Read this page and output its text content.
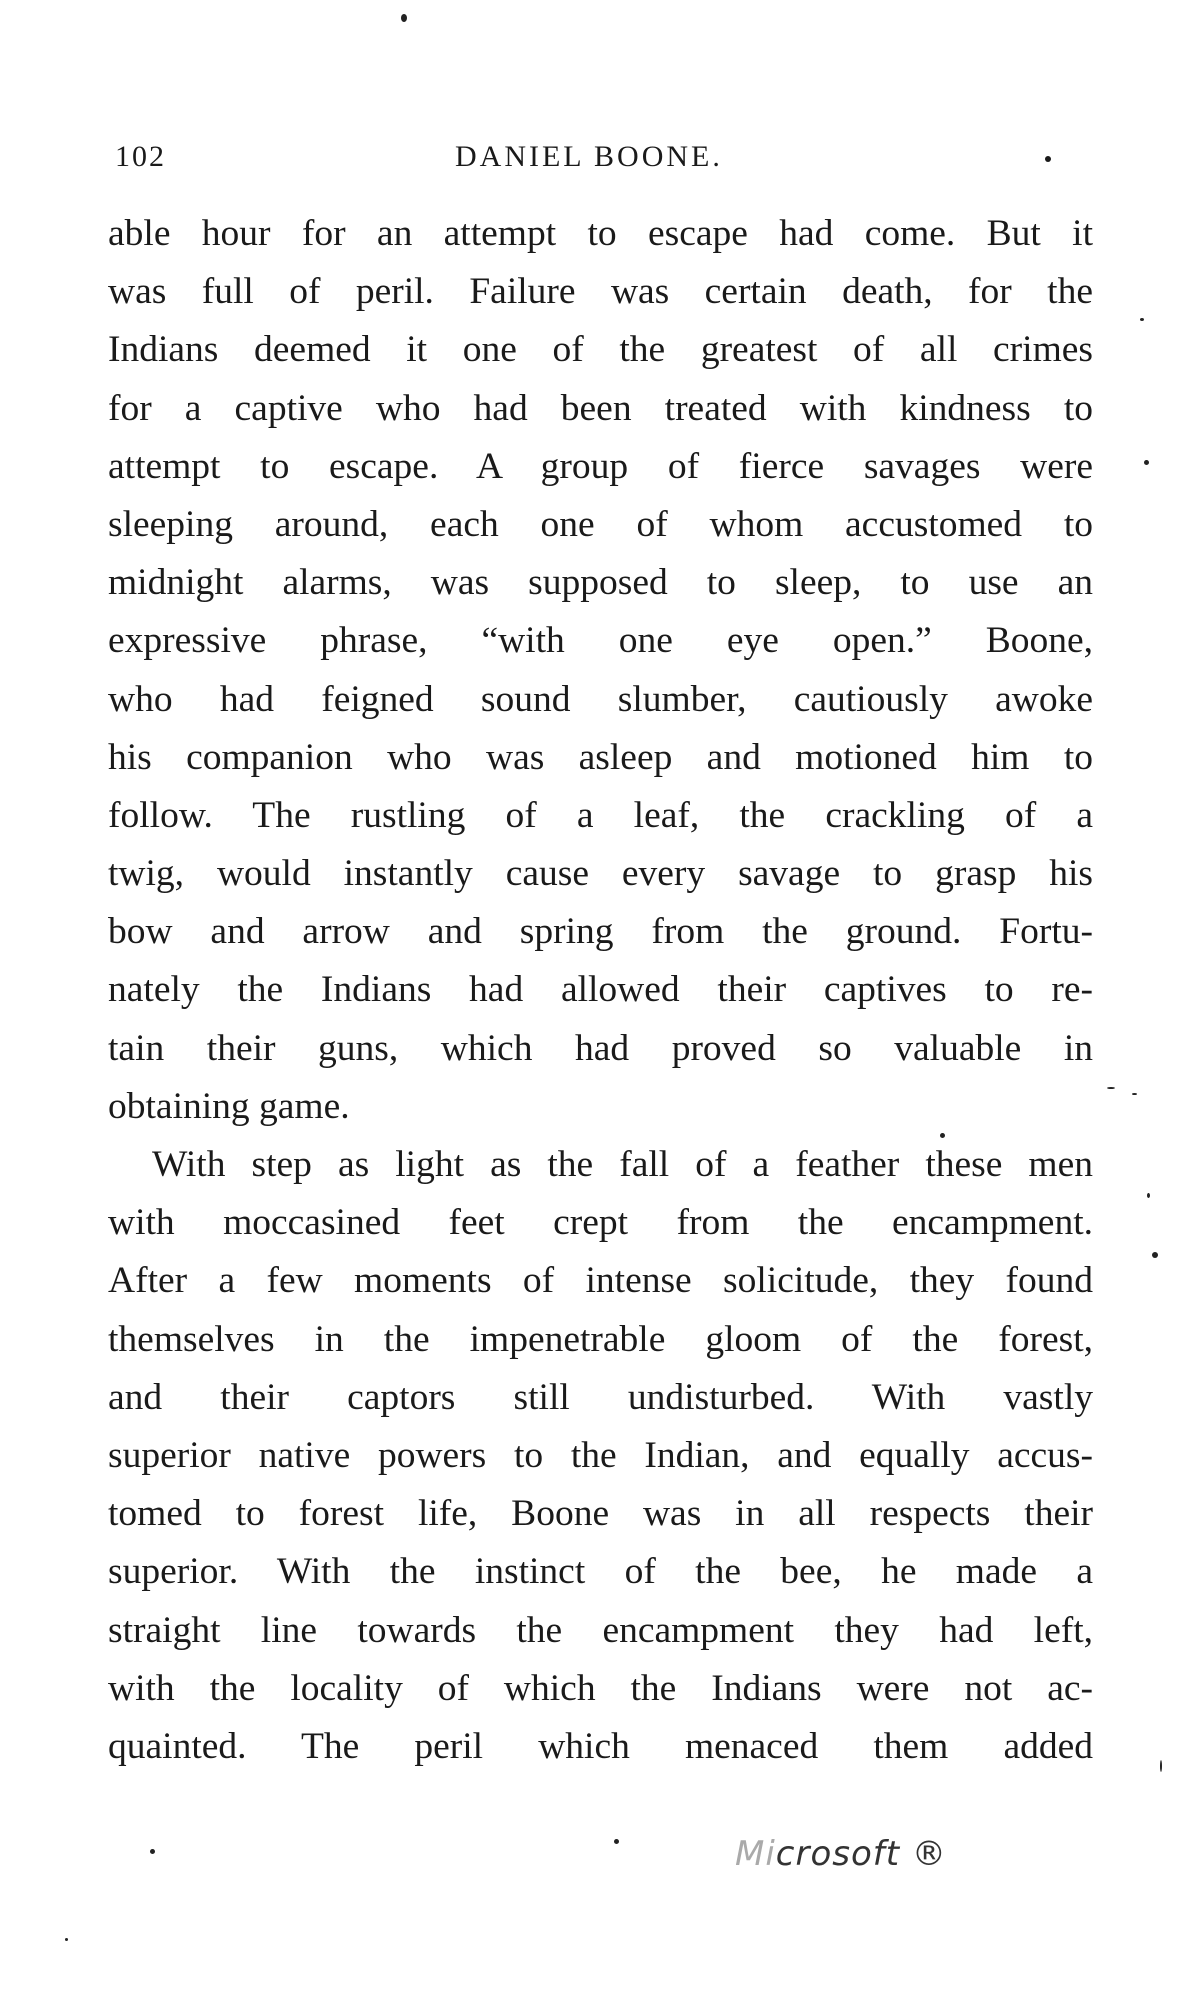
102	DANIEL BOONE.
able hour for an attempt to escape had come. But it
was full of peril. Failure was certain death, for the
Indians deemed it one of the greatest of all crimes
for a captive who had been treated with kindness to
attempt to escape. A group of fierce savages were
sleeping around, each one of whom accustomed to
midnight alarms, was supposed to sleep, to use an
expressive phrase, “with one eye open.” Boone,
who had feigned sound slumber, cautiously awoke
his companion who was asleep and motioned him to
follow. The rustling of a leaf, the crackling of a
twig, would instantly cause every savage to grasp his
bow and arrow and spring from the ground. Fortu-
nately the Indians had allowed their captives to re-
tain their guns, which had proved so valuable in
obtaining game.
With step as light as the fall of a feather these men
with moccasined feet crept from the encampment.
After a few moments of intense solicitude, they found
themselves in the impenetrable gloom of the forest,
and their captors still undisturbed. With vastly
superior native powers to the Indian, and equally accus-
tomed to forest life, Boone was in all respects their
superior. With the instinct of the bee, he made a
straight line towards the encampment they had left,
with the locality of which the Indians were not ac-
quainted. The peril which menaced them added
Microsoft ®
